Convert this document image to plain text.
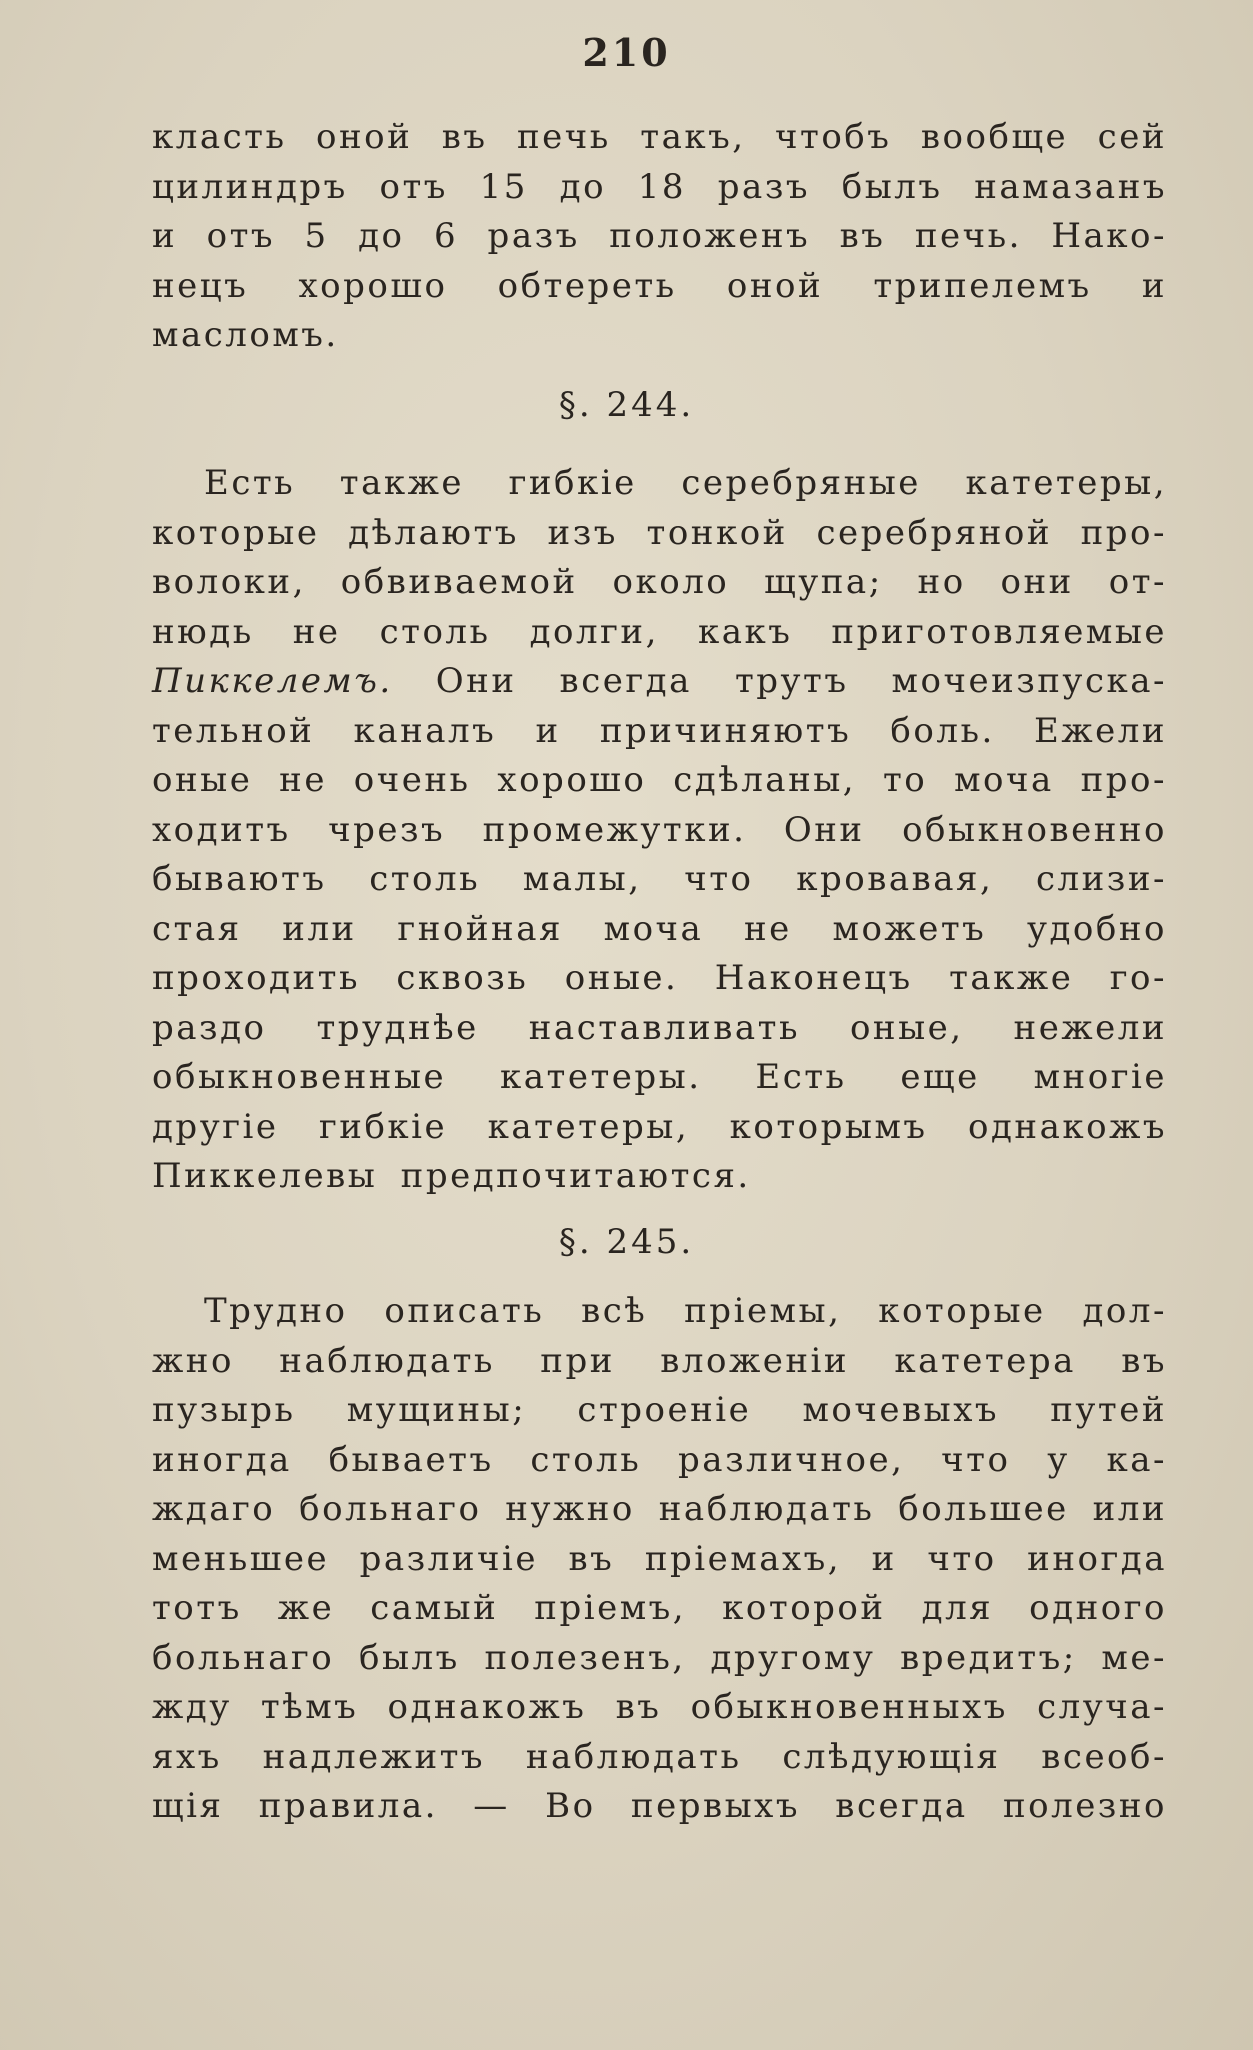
210
класть оной въ печь такъ, чтобъ вообще сей
цилиндръ отъ 15 до 18 разъ былъ намазанъ
и отъ 5 до 6 разъ положенъ въ печь. Нако-
нецъ хорошо обтереть оной трипелемъ и
масломъ.
§. 244.
Есть также гибкіе серебряные катетеры,
которые дѣлаютъ изъ тонкой серебряной про-
волоки, обвиваемой около щупа; но они от-
нюдь не столь долги, какъ приготовляемые
Пиккелемъ. Они всегда трутъ мочеизпуска-
тельной каналъ и причиняютъ боль. Ежели
оные не очень хорошо сдѣланы, то моча про-
ходитъ чрезъ промежутки. Они обыкновенно
бываютъ столь малы, что кровавая, слизи-
стая или гнойная моча не можетъ удобно
проходить сквозь оные. Наконецъ также го-
раздо труднѣе наставливать оные, нежели
обыкновенные катетеры. Есть еще многіе
другіе гибкіе катетеры, которымъ однакожъ
Пиккелевы предпочитаются.
§. 245.
Трудно описать всѣ пріемы, которые дол-
жно наблюдать при вложеніи катетера въ
пузырь мущины; строеніе мочевыхъ путей
иногда бываетъ столь различное, что у ка-
ждаго больнаго нужно наблюдать большее или
меньшее различіе въ пріемахъ, и что иногда
тотъ же самый пріемъ, которой для одного
больнаго былъ полезенъ, другому вредитъ; ме-
жду тѣмъ однакожъ въ обыкновенныхъ случа-
яхъ надлежитъ наблюдать слѣдующія всеоб-
щія правила. — Во первыхъ всегда полезно
